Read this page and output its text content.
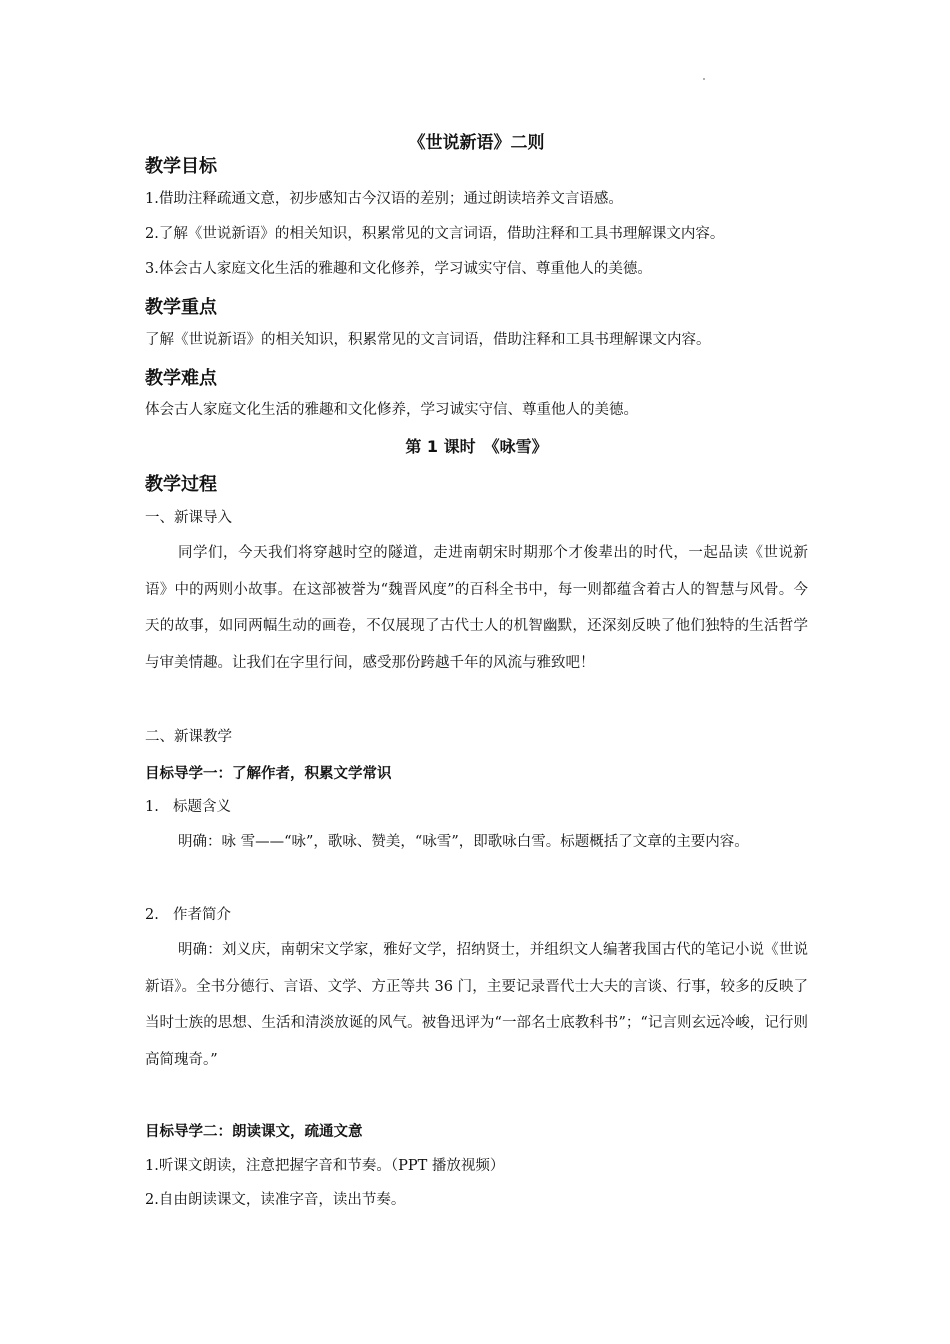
《世说新语》二则
教学目标
1.借助注释疏通文意，初步感知古今汉语的差别；通过朗读培养文言语感。
2.了解《世说新语》的相关知识，积累常见的文言词语，借助注释和工具书理解课文内容。
3.体会古人家庭文化生活的雅趣和文化修养，学习诚实守信、尊重他人的美德。
教学重点
了解《世说新语》的相关知识，积累常见的文言词语，借助注释和工具书理解课文内容。
教学难点
体会古人家庭文化生活的雅趣和文化修养，学习诚实守信、尊重他人的美德。
第 1 课时　《咏雪》
教学过程
一、新课导入
同学们，今天我们将穿越时空的隧道，走进南朝宋时期那个才俊辈出的时代，一起品读《世说新语》中的两则小故事。在这部被誉为“魏晋风度”的百科全书中，每一则都蕴含着古人的智慧与风骨。今天的故事，如同两幅生动的画卷，不仅展现了古代士人的机智幽默，还深刻反映了他们独特的生活哲学与审美情趣。让我们在字里行间，感受那份跨越千年的风流与雅致吧！
二、新课教学
目标导学一：了解作者，积累文学常识
1. 标题含义
明确：咏 雪——“咏”，歌咏、赞美，“咏雪”，即歌咏白雪。标题概括了文章的主要内容。
2. 作者简介
明确：刘义庆，南朝宋文学家，雅好文学，招纳贤士，并组织文人编著我国古代的笔记小说《世说新语》。全书分德行、言语、文学、方正等共 36 门，主要记录晋代士大夫的言谈、行事，较多的反映了当时士族的思想、生活和清淡放诞的风气。被鲁迅评为“一部名士底教科书”；“记言则玄远冷峻，记行则高简瑰奇。”
目标导学二：朗读课文，疏通文意
1.听课文朗读，注意把握字音和节奏。（PPT 播放视频）
2.自由朗读课文，读准字音，读出节奏。
